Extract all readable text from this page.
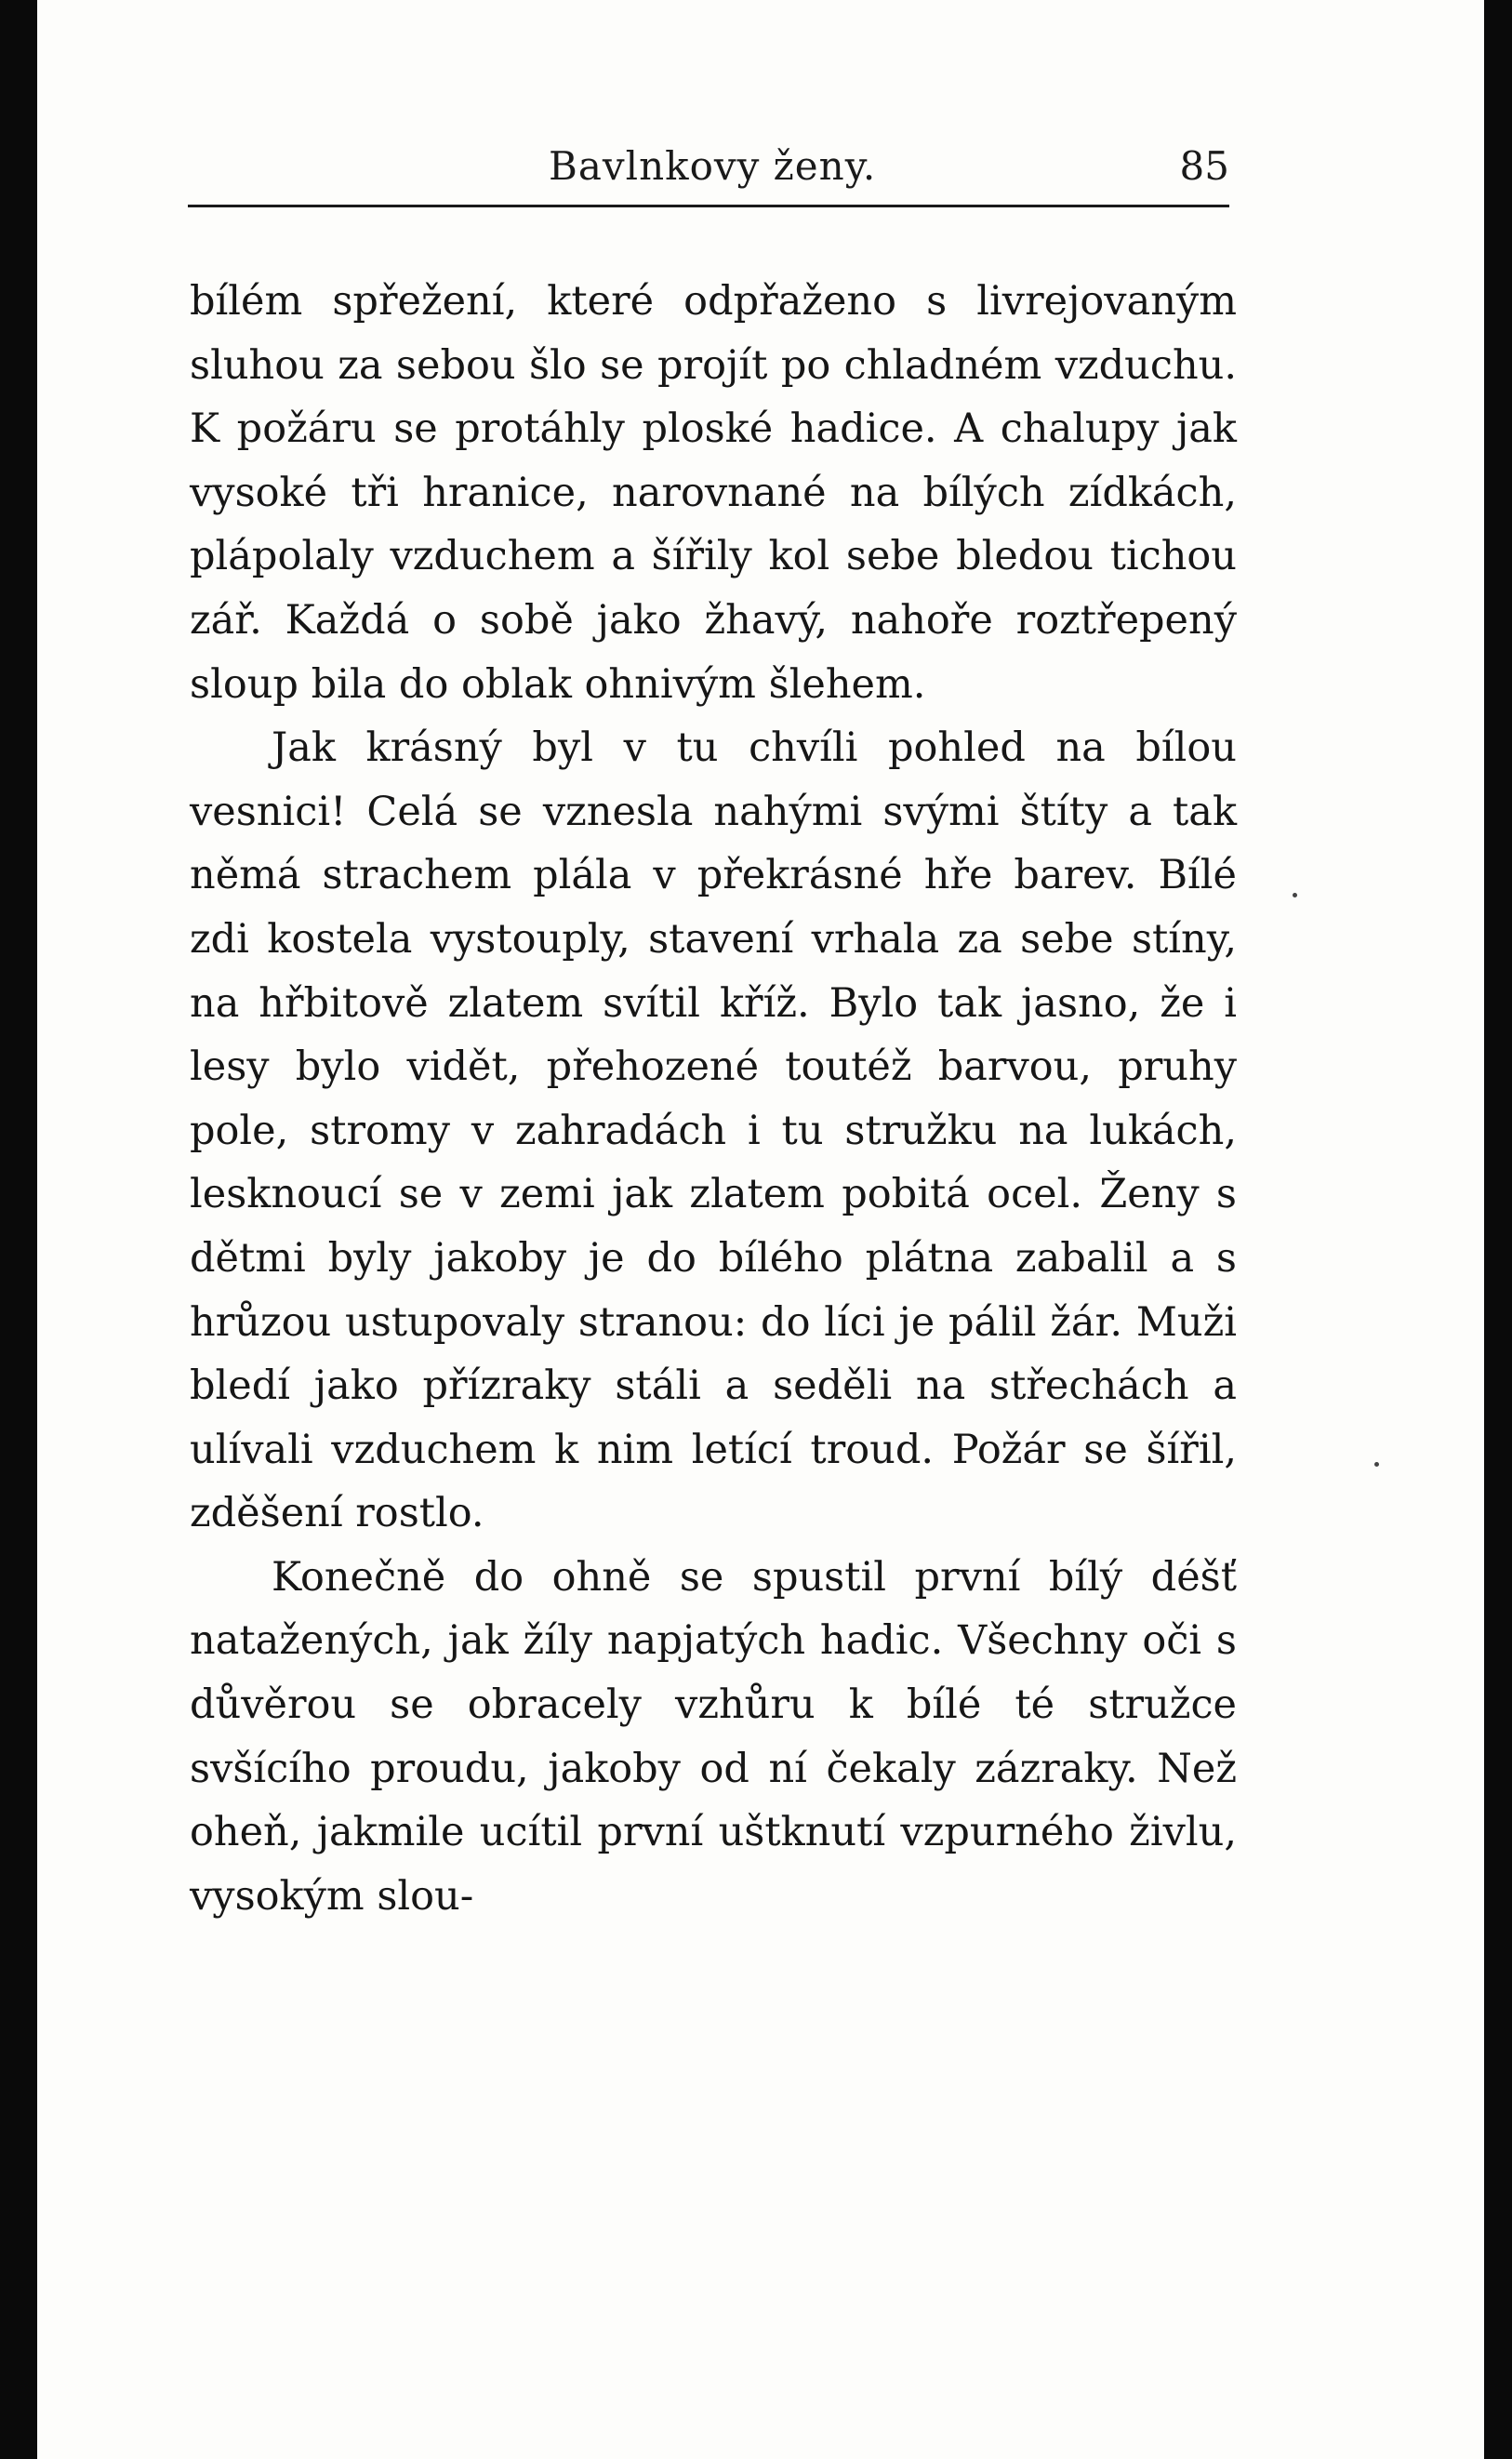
Bavlnkovy ženy.	85

bílém spřežení, které odpřaženo s livrejovaným sluhou za sebou šlo se projít po chladném vzduchu. K požáru se protáhly ploské hadice. A chalupy jak vysoké tři hranice, narovnané na bílých zídkách, plápolaly vzduchem a šířily kol sebe bledou tichou zář. Každá o sobě jako žhavý, nahoře roztřepený sloup bila do oblak ohnivým šlehem.

Jak krásný byl v tu chvíli pohled na bílou vesnici! Celá se vznesla nahými svými štíty a tak němá strachem plála v překrásné hře barev. Bílé zdi kostela vystouply, stavení vrhala za sebe stíny, na hřbitově zlatem svítil kříž. Bylo tak jasno, že i lesy bylo vidět, přehozené toutéž barvou, pruhy pole, stromy v zahradách i tu stružku na lukách, lesknoucí se v zemi jak zlatem pobitá ocel. Ženy s dětmi byly jakoby je do bílého plátna zabalil a s hrůzou ustupovaly stranou: do líci je pálil žár. Muži bledí jako přízraky stáli a seděli na střechách a ulívali vzduchem k nim letící troud. Požár se šířil, zděšení rostlo.

Konečně do ohně se spustil první bílý déšť natažených, jak žíly napjatých hadic. Všechny oči s důvěrou se obracely vzhůru k bílé té stružce svšícího proudu, jakoby od ní čekaly zázraky. Než oheň, jakmile ucítil první uštknutí vzpurného živlu, vysokým slou-
